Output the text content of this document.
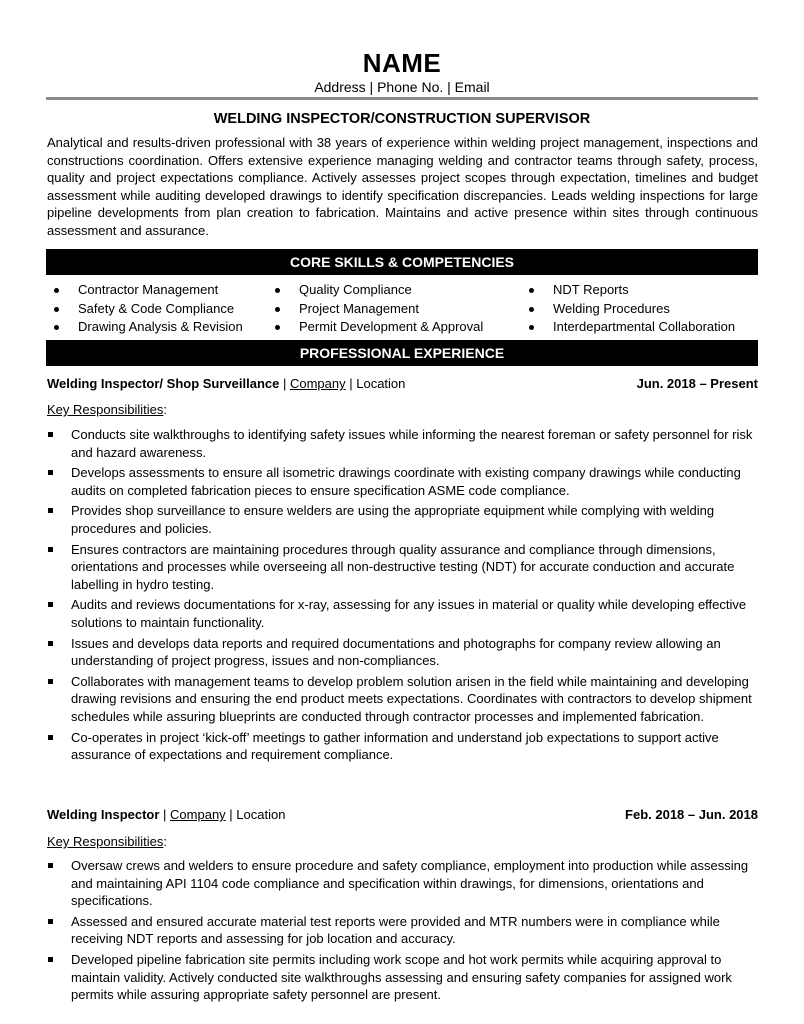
NAME
Address | Phone No. | Email
WELDING INSPECTOR/CONSTRUCTION SUPERVISOR
Analytical and results-driven professional with 38 years of experience within welding project management, inspections and constructions coordination. Offers extensive experience managing welding and contractor teams through safety, process, quality and project expectations compliance. Actively assesses project scopes through expectation, timelines and budget assessment while auditing developed drawings to identify specification discrepancies. Leads welding inspections for large pipeline developments from plan creation to fabrication. Maintains and active presence within sites through continuous assessment and assurance.
CORE SKILLS & COMPETENCIES
Contractor Management
Safety & Code Compliance
Drawing Analysis & Revision
Quality Compliance
Project Management
Permit Development & Approval
NDT Reports
Welding Procedures
Interdepartmental Collaboration
PROFESSIONAL EXPERIENCE
Welding Inspector/ Shop Surveillance | Company | Location	Jun. 2018 – Present
Key Responsibilities:
Conducts site walkthroughs to identifying safety issues while informing the nearest foreman or safety personnel for risk and hazard awareness.
Develops assessments to ensure all isometric drawings coordinate with existing company drawings while conducting audits on completed fabrication pieces to ensure specification ASME code compliance.
Provides shop surveillance to ensure welders are using the appropriate equipment while complying with welding procedures and policies.
Ensures contractors are maintaining procedures through quality assurance and compliance through dimensions, orientations and processes while overseeing all non-destructive testing (NDT) for accurate conduction and accurate labelling in hydro testing.
Audits and reviews documentations for x-ray, assessing for any issues in material or quality while developing effective solutions to maintain functionality.
Issues and develops data reports and required documentations and photographs for company review allowing an understanding of project progress, issues and non-compliances.
Collaborates with management teams to develop problem solution arisen in the field while maintaining and developing drawing revisions and ensuring the end product meets expectations. Coordinates with contractors to develop shipment schedules while assuring blueprints are conducted through contractor processes and implemented fabrication.
Co-operates in project ‘kick-off’ meetings to gather information and understand job expectations to support active assurance of expectations and requirement compliance.
Welding Inspector | Company | Location	Feb. 2018 – Jun. 2018
Key Responsibilities:
Oversaw crews and welders to ensure procedure and safety compliance, employment into production while assessing and maintaining API 1104 code compliance and specification within drawings, for dimensions, orientations and specifications.
Assessed and ensured accurate material test reports were provided and MTR numbers were in compliance while receiving NDT reports and assessing for job location and accuracy.
Developed pipeline fabrication site permits including work scope and hot work permits while acquiring approval to maintain validity. Actively conducted site walkthroughs assessing and ensuring safety companies for assigned work permits while assuring appropriate safety personnel are present.
